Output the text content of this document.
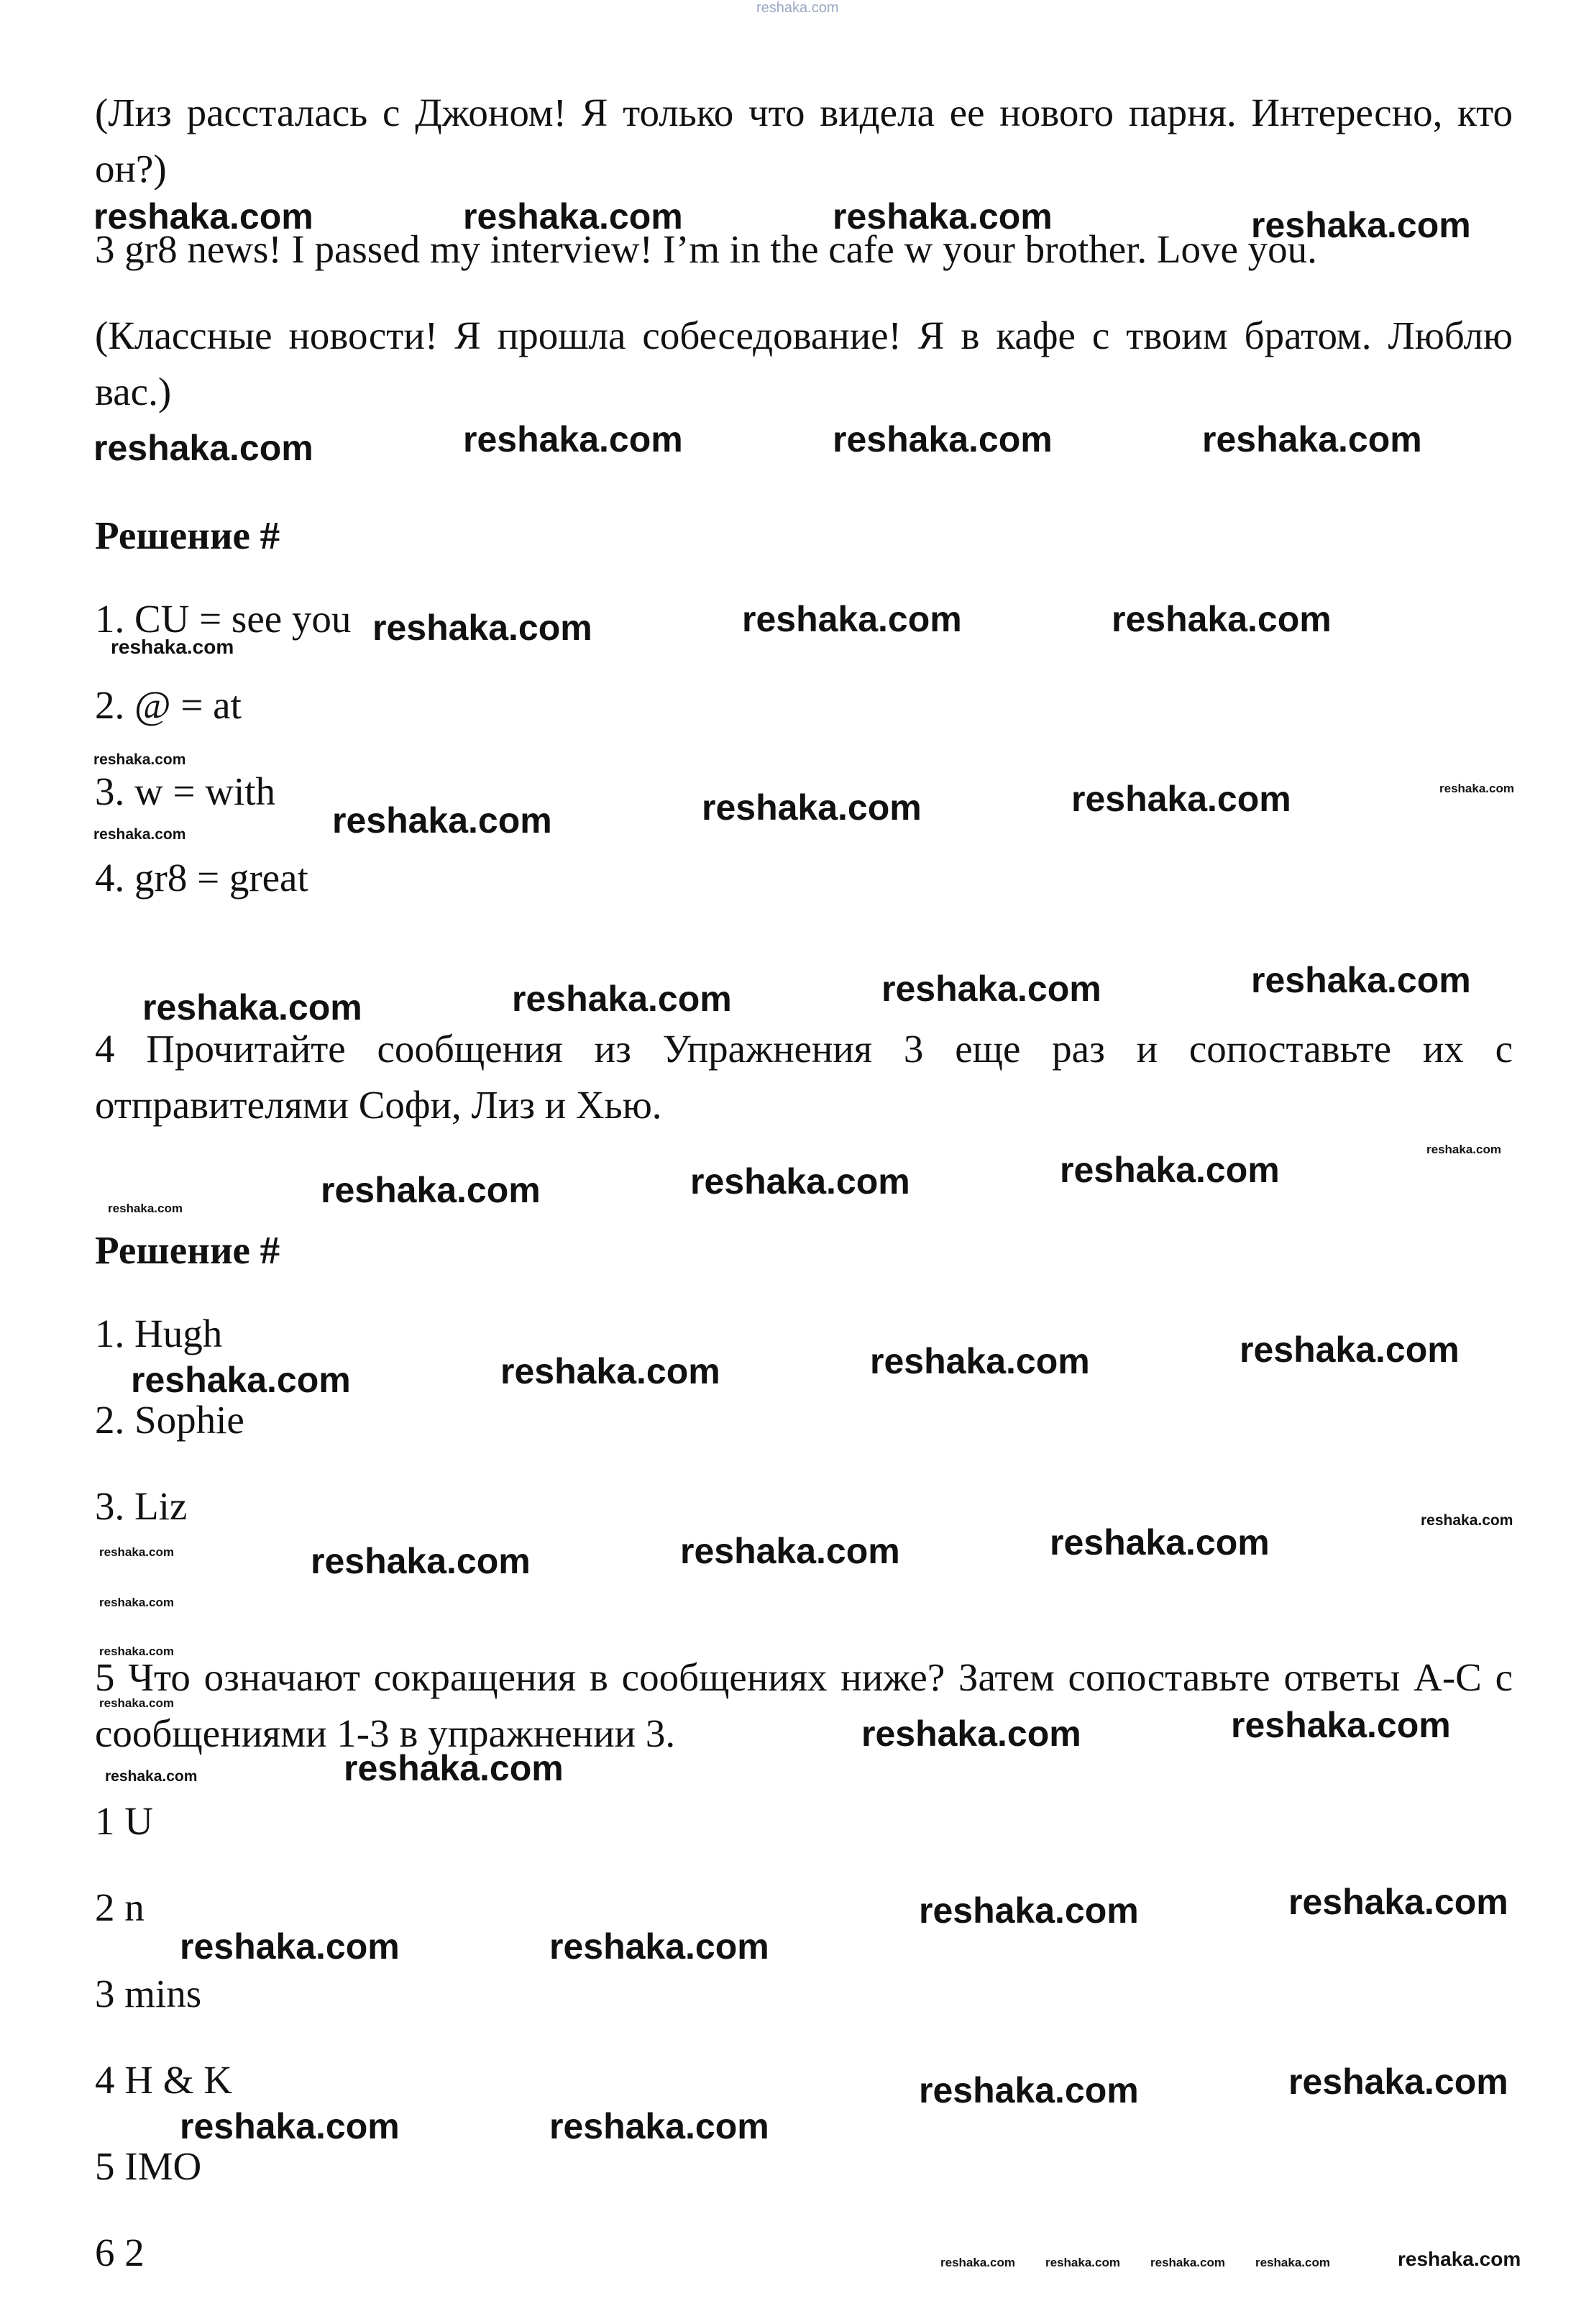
reshaka.com
(Лиз рассталась с Джоном! Я только что видела ее нового парня. Интересно, кто он?)
3 gr8 news! I passed my interview! I’m in the cafe w your brother. Love you.
(Классные новости! Я прошла собеседование! Я в кафе с твоим братом. Люблю вас.)
Решение #
1. CU = see you
2. @ = at
3. w = with
4. gr8 = great
4 Прочитайте сообщения из Упражнения 3 еще раз и сопоставьте их с отправителями Софи, Лиз и Хью.
Решение #
1. Hugh
2. Sophie
3. Liz
5 Что означают сокращения в сообщениях ниже? Затем сопоставьте ответы A-C с сообщениями 1-3 в упражнении 3.
1 U
2 n
3 mins
4 H & K
5 IMO
6 2
reshaka.com	reshaka.com	reshaka.com	reshaka.com
reshaka.com	reshaka.com	reshaka.com	reshaka.com
reshaka.com	reshaka.com	reshaka.com
reshaka.com	reshaka.com	reshaka.com
reshaka.com	reshaka.com	reshaka.com	reshaka.com
reshaka.com	reshaka.com	reshaka.com
reshaka.com	reshaka.com	reshaka.com	reshaka.com
reshaka.com	reshaka.com	reshaka.com
reshaka.com	reshaka.com
reshaka.com
reshaka.com	reshaka.com
reshaka.com	reshaka.com
reshaka.com	reshaka.com
reshaka.com	reshaka.com
reshaka.com
reshaka.com
reshaka.com
reshaka.com
reshaka.com
reshaka.com
reshaka.com
reshaka.com
reshaka.com
reshaka.com
reshaka.com
reshaka.com
reshaka.com reshaka.com reshaka.com reshaka.com	reshaka.com
